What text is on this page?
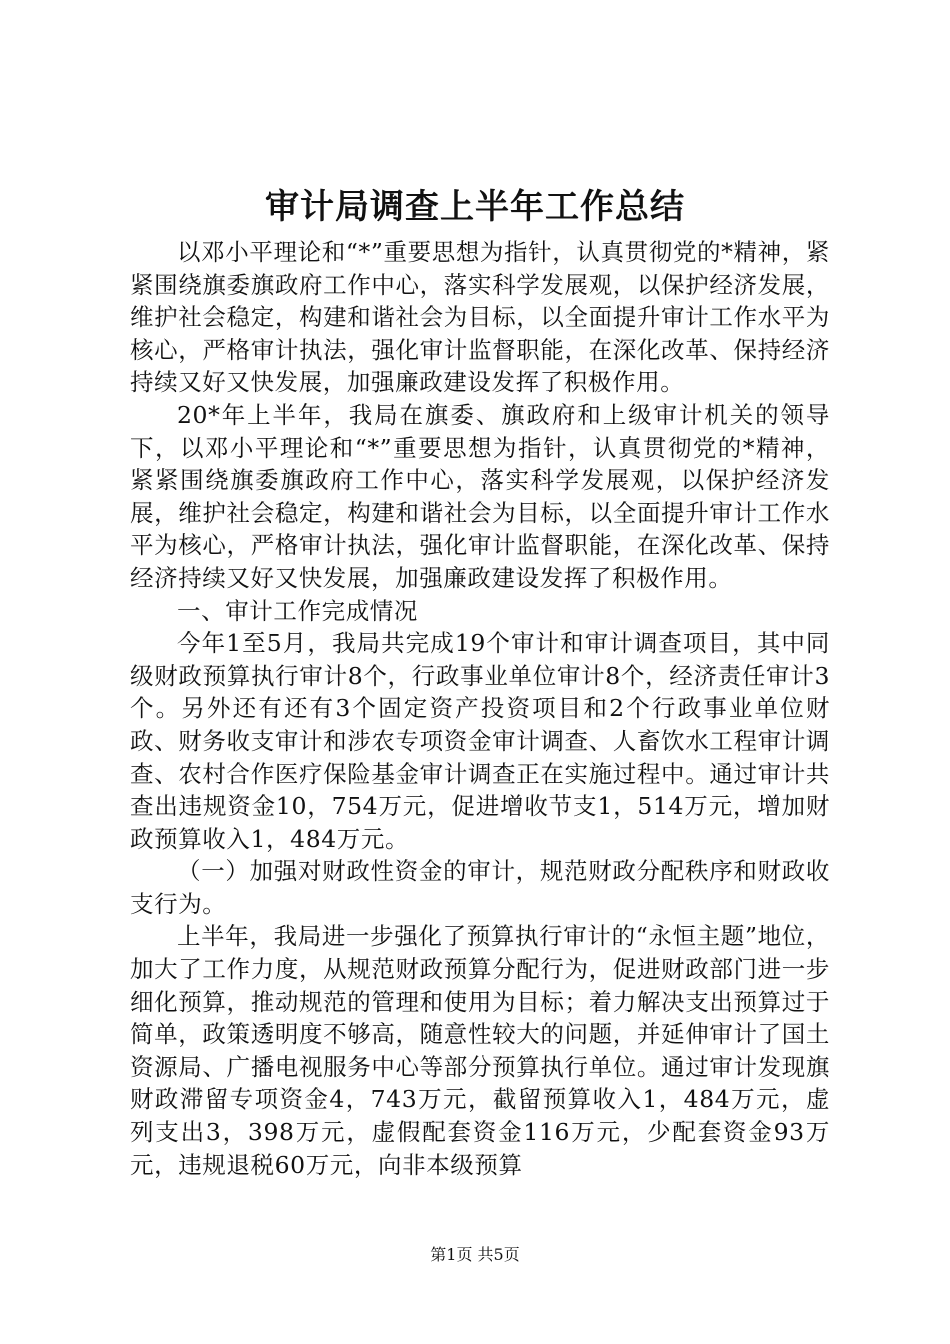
审计局调查上半年工作总结

以邓小平理论和“*”重要思想为指针，认真贯彻党的*精神，紧紧围绕旗委旗政府工作中心，落实科学发展观，以保护经济发展，维护社会稳定，构建和谐社会为目标，以全面提升审计工作水平为核心，严格审计执法，强化审计监督职能，在深化改革、保持经济持续又好又快发展，加强廉政建设发挥了积极作用。

20*年上半年，我局在旗委、旗政府和上级审计机关的领导下，以邓小平理论和“*”重要思想为指针，认真贯彻党的*精神，紧紧围绕旗委旗政府工作中心，落实科学发展观，以保护经济发展，维护社会稳定，构建和谐社会为目标，以全面提升审计工作水平为核心，严格审计执法，强化审计监督职能，在深化改革、保持经济持续又好又快发展，加强廉政建设发挥了积极作用。

一、审计工作完成情况

今年1至5月，我局共完成19个审计和审计调查项目，其中同级财政预算执行审计8个，行政事业单位审计8个，经济责任审计3个。另外还有还有3个固定资产投资项目和2个行政事业单位财政、财务收支审计和涉农专项资金审计调查、人畜饮水工程审计调查、农村合作医疗保险基金审计调查正在实施过程中。通过审计共查出违规资金10，754万元，促进增收节支1，514万元，增加财政预算收入1，484万元。

（一）加强对财政性资金的审计，规范财政分配秩序和财政收支行为。

上半年，我局进一步强化了预算执行审计的“永恒主题”地位，加大了工作力度，从规范财政预算分配行为，促进财政部门进一步细化预算，推动规范的管理和使用为目标；着力解决支出预算过于简单，政策透明度不够高，随意性较大的问题，并延伸审计了国土资源局、广播电视服务中心等部分预算执行单位。通过审计发现旗财政滞留专项资金4，743万元，截留预算收入1，484万元，虚列支出3，398万元，虚假配套资金116万元，少配套资金93万元，违规退税60万元，向非本级预算

第1页 共5页
